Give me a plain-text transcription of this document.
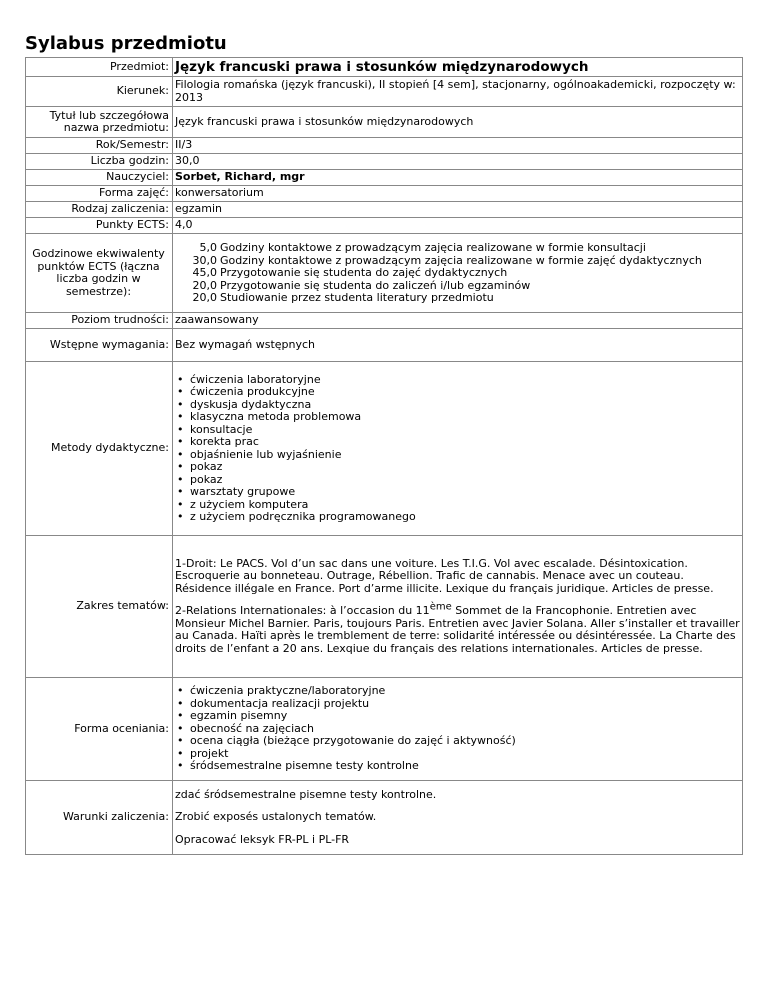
Sylabus przedmiotu
Przedmiot:	Język francuski prawa i stosunków międzynarodowych
Kierunek:	Filologia romańska (język francuski), II stopień [4 sem], stacjonarny, ogólnoakademicki, rozpoczęty w: 2013
Tytuł lub szczegółowa nazwa przedmiotu:	Język francuski prawa i stosunków międzynarodowych
Rok/Semestr:	II/3
Liczba godzin:	30,0
Nauczyciel:	Sorbet, Richard, mgr
Forma zajęć:	konwersatorium
Rodzaj zaliczenia:	egzamin
Punkty ECTS:	4,0
Godzinowe ekwiwalenty punktów ECTS (łączna liczba godzin w semestrze):	
5,0	Godziny kontaktowe z prowadzącym zajęcia realizowane w formie konsultacji
30,0	Godziny kontaktowe z prowadzącym zajęcia realizowane w formie zajęć dydaktycznych
45,0	Przygotowanie się studenta do zajęć dydaktycznych
20,0	Przygotowanie się studenta do zaliczeń i/lub egzaminów
20,0	Studiowanie przez studenta literatury przedmiotu

Poziom trudności:	zaawansowany
Wstępne wymagania:	Bez wymagań wstępnych
Metody dydaktyczne:	
• ćwiczenia laboratoryjne
• ćwiczenia produkcyjne
• dyskusja dydaktyczna
• klasyczna metoda problemowa
• konsultacje
• korekta prac
• objaśnienie lub wyjaśnienie
• pokaz
• pokaz
• warsztaty grupowe
• z użyciem komputera
• z użyciem podręcznika programowanego

Zakres tematów:	

1-Droit: Le PACS. Vol d’un sac dans une voiture. Les T.I.G. Vol avec escalade. Désintoxication. Escroquerie au bonneteau. Outrage, Rébellion. Trafic de cannabis. Menace avec un couteau. Résidence illégale en France. Port d’arme illicite. Lexique du français juridique. Articles de presse.

2-Relations Internationales: à l’occasion du 11ème Sommet de la Francophonie. Entretien avec Monsieur Michel Barnier. Paris, toujours Paris. Entretien avec Javier Solana. Aller s’installer et travailler au Canada. Haïti après le tremblement de terre: solidarité intéressée ou désintéressée. La Charte des droits de l’enfant a 20 ans. Lexqiue du français des relations internationales. Articles de presse.

Forma oceniania:	
• ćwiczenia praktyczne/laboratoryjne
• dokumentacja realizacji projektu
• egzamin pisemny
• obecność na zajęciach
• ocena ciągła (bieżące przygotowanie do zajęć i aktywność)
• projekt
• śródsemestralne pisemne testy kontrolne

Warunki zaliczenia:	

zdać śródsemestralne pisemne testy kontrolne.

Zrobić exposés ustalonych tematów.

Opracować leksyk FR-PL i PL-FR
